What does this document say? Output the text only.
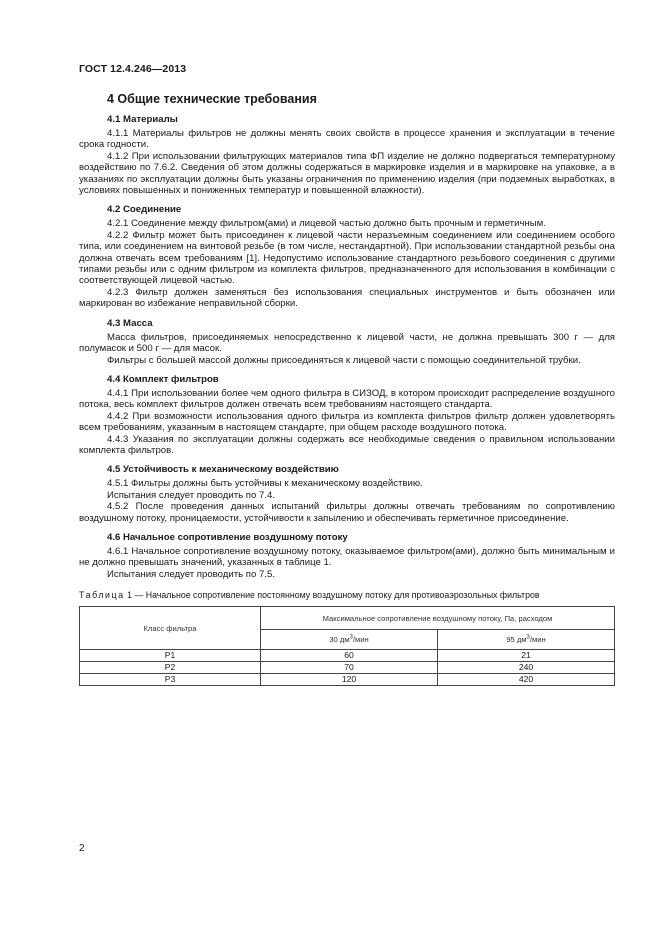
ГОСТ 12.4.246—2013
4 Общие технические требования
4.1 Материалы

4.1.1 Материалы фильтров не должны менять своих свойств в процессе хранения и эксплуатации в течение срока годности.

4.1.2 При использовании фильтрующих материалов типа ФП изделие не должно подвергаться температурному воздействию по 7.6.2. Сведения об этом должны содержаться в маркировке изделия и в маркировке на упаковке, а в указаниях по эксплуатации должны быть указаны ограничения по применению изделия (при подземных выработках, в условиях повышенных и пониженных температур и повышенной влажности).

4.2 Соединение

4.2.1 Соединение между фильтром(ами) и лицевой частью должно быть прочным и герметичным.

4.2.2 Фильтр может быть присоединен к лицевой части неразъемным соединением или соединением особого типа, или соединением на винтовой резьбе (в том числе, нестандартной). При использовании стандартной резьбы она должна отвечать всем требованиям [1]. Недопустимо использование стандартного резьбового соединения с другими типами резьбы или с одним фильтром из комплекта фильтров, предназначенного для использования в комбинации с соответствующей лицевой частью.

4.2.3 Фильтр должен заменяться без использования специальных инструментов и быть обозначен или маркирован во избежание неправильной сборки.

4.3 Масса

Масса фильтров, присоединяемых непосредственно к лицевой части, не должна превышать 300 г — для полумасок и 500 г — для масок.

Фильтры с большей массой должны присоединяться к лицевой части с помощью соединительной трубки.

4.4 Комплект фильтров

4.4.1 При использовании более чем одного фильтра в СИЗОД, в котором происходит распределение воздушного потока, весь комплект фильтров должен отвечать всем требованиям настоящего стандарта.

4.4.2 При возможности использования одного фильтра из комплекта фильтров фильтр должен удовлетворять всем требованиям, указанным в настоящем стандарте, при общем расходе воздушного потока.

4.4.3 Указания по эксплуатации должны содержать все необходимые сведения о правильном использовании комплекта фильтров.

4.5 Устойчивость к механическому воздействию

4.5.1 Фильтры должны быть устойчивы к механическому воздействию.

Испытания следует проводить по 7.4.

4.5.2 После проведения данных испытаний фильтры должны отвечать требованиям по сопротивлению воздушному потоку, проницаемости, устойчивости к запылению и обеспечивать герметичное присоединение.

4.6 Начальное сопротивление воздушному потоку

4.6.1 Начальное сопротивление воздушному потоку, оказываемое фильтром(ами), должно быть минимальным и не должно превышать значений, указанных в таблице 1.

Испытания следует проводить по 7.5.

Таблица 1 — Начальное сопротивление постоянному воздушному потоку для противоаэрозольных фильтров
Класс фильтра	Максимальное сопротивление воздушному потоку, Па, расходом	
	30 $дм^3$/мин	95 $дм^3$/мин
P1	60	21
P2	70	240
P3	120	420
2
